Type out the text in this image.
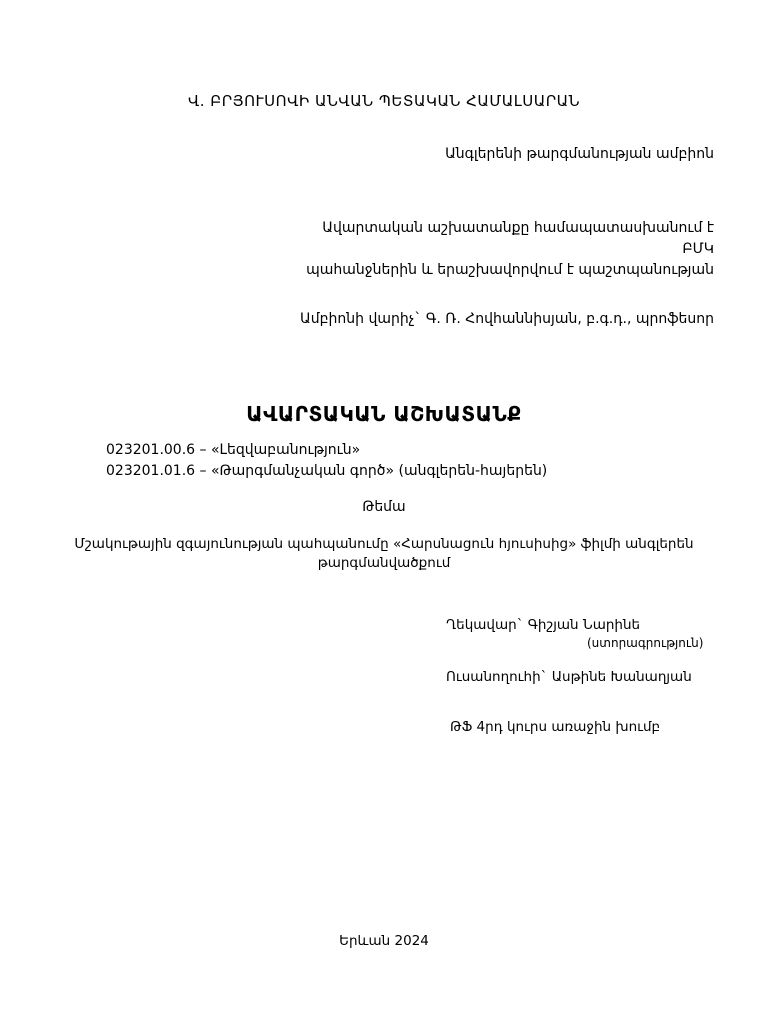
Վ. ԲՐՅՈՒՍՈՎԻ ԱՆՎԱՆ ՊԵՏԱԿԱՆ ՀԱՄԱԼՍԱՐԱՆ
Անգլերենի թարգմանության ամբիոն
Ավարտական աշխատանքը համապատասխանում է
ԲՄԿ
պահանջներին և երաշխավորվում է պաշտպանության
Ամբիոնի վարիչ` Գ. Ռ. Հովհաննիսյան, բ.գ.դ., պրոֆեսոր
ԱՎԱՐՏԱԿԱՆ ԱՇԽԱՏԱՆՔ
023201.00.6 – «Լեզվաբանություն»
023201.01.6 – «Թարգմանչական գործ» (անգլերեն-հայերեն)
Թեմա
Մշակութային զգայունության պահպանումը «Հարսնացուն հյուսիսից» ֆիլմի անգլերեն
թարգմանվածքում
Ղեկավար` Գիշյան Նարինե
(ստորագրություն)
Ուսանողուհի` Ասթինե Խանաղյան
ԹՖ 4րդ կուրս առաջին խումբ
Երևան 2024
